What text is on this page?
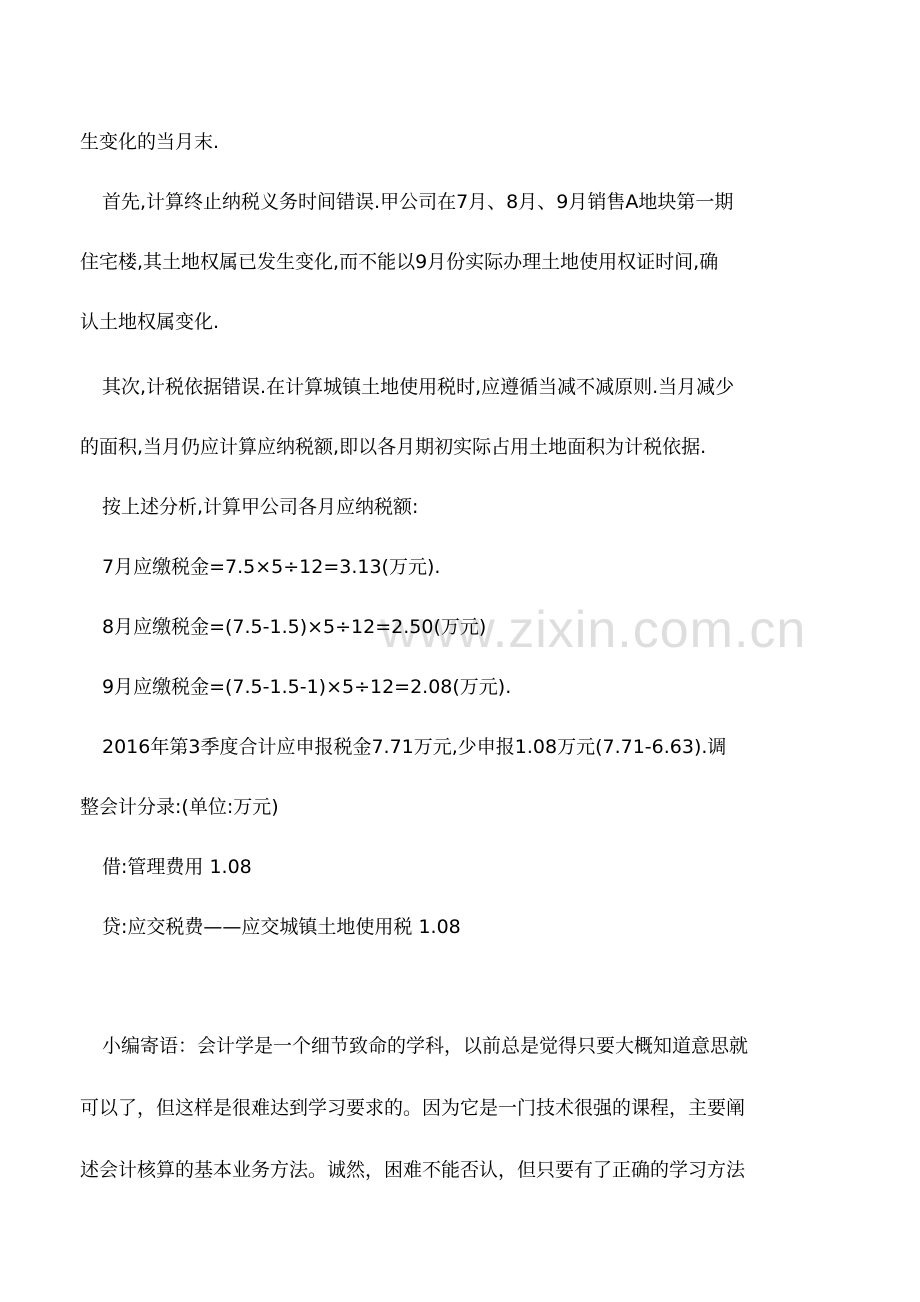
www.zixin.com.cn
生变化的当月末.
首先,计算终止纳税义务时间错误.甲公司在7月、8月、9月销售A地块第一期
住宅楼,其土地权属已发生变化,而不能以9月份实际办理土地使用权证时间,确
认土地权属变化.
其次,计税依据错误.在计算城镇土地使用税时,应遵循当减不减原则.当月减少
的面积,当月仍应计算应纳税额,即以各月期初实际占用土地面积为计税依据.
按上述分析,计算甲公司各月应纳税额:
7月应缴税金=7.5×5÷12=3.13(万元).
8月应缴税金=(7.5-1.5)×5÷12=2.50(万元)
9月应缴税金=(7.5-1.5-1)×5÷12=2.08(万元).
2016年第3季度合计应申报税金7.71万元,少申报1.08万元(7.71-6.63).调
整会计分录:(单位:万元)
借:管理费用 1.08
贷:应交税费——应交城镇土地使用税 1.08
小编寄语：会计学是一个细节致命的学科，以前总是觉得只要大概知道意思就
可以了，但这样是很难达到学习要求的。因为它是一门技术很强的课程，主要阐
述会计核算的基本业务方法。诚然，困难不能否认，但只要有了正确的学习方法
